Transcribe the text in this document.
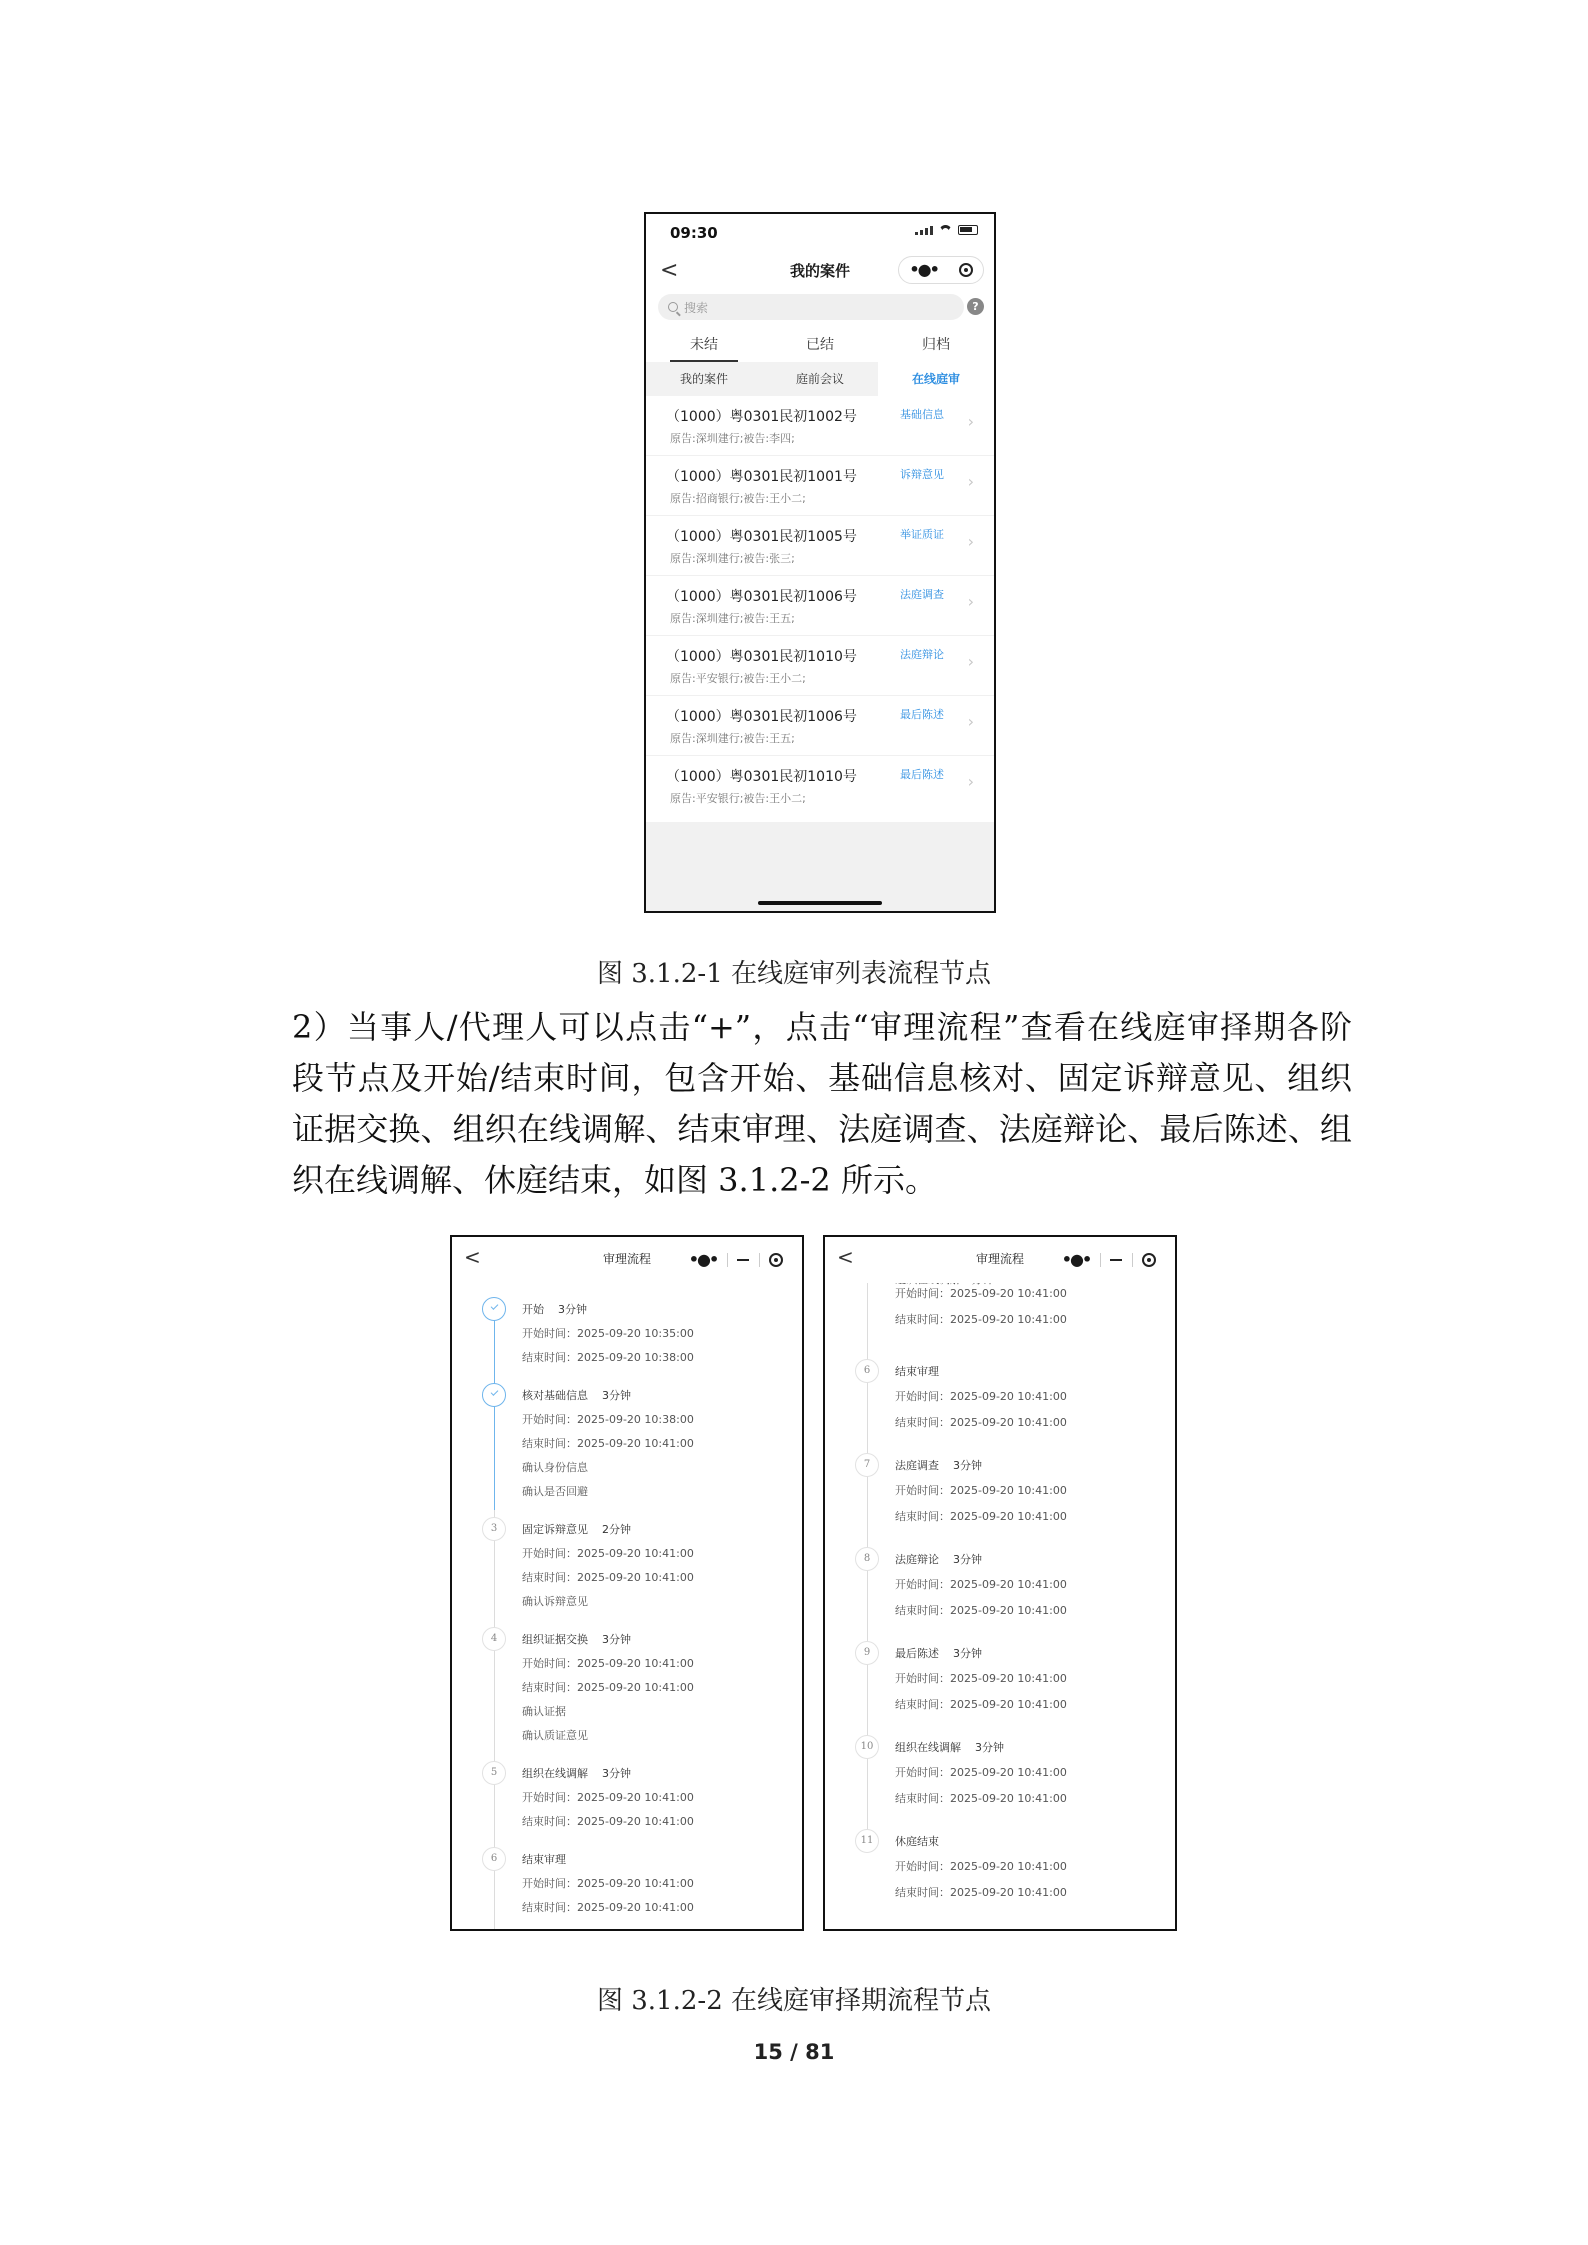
09:30
<	我的案件	•●•
搜索	?
未结	已结	归档
我的案件	庭前会议	在线庭审
（1000）粤0301民初1002号
原告:深圳建行;被告:李四;
基础信息 ›
（1000）粤0301民初1001号
原告:招商银行;被告:王小二;
诉辩意见 ›
（1000）粤0301民初1005号
原告:深圳建行;被告:张三;
举证质证 ›
（1000）粤0301民初1006号
原告:深圳建行;被告:王五;
法庭调查 ›
（1000）粤0301民初1010号
原告:平安银行;被告:王小二;
法庭辩论 ›
（1000）粤0301民初1006号
原告:深圳建行;被告:王五;
最后陈述 ›
（1000）粤0301民初1010号
原告:平安银行;被告:王小二;
最后陈述 ›
图 3.1.2-1 在线庭审列表流程节点
2）当事人/代理人可以点击“+”，点击“审理流程”查看在线庭审择期各阶
段节点及开始/结束时间，包含开始、基础信息核对、固定诉辩意见、组织
证据交换、组织在线调解、结束审理、法庭调查、法庭辩论、最后陈述、组
织在线调解、休庭结束，如图 3.1.2-2 所示。
<	审理流程	•●•
开始 3分钟
开始时间：2025-09-20 10:35:00
结束时间：2025-09-20 10:38:00
核对基础信息 3分钟
开始时间：2025-09-20 10:38:00
结束时间：2025-09-20 10:41:00
确认身份信息
确认是否回避
3	固定诉辩意见 2分钟
开始时间：2025-09-20 10:41:00
结束时间：2025-09-20 10:41:00
确认诉辩意见
4	组织证据交换 3分钟
开始时间：2025-09-20 10:41:00
结束时间：2025-09-20 10:41:00
确认证据
确认质证意见
5	组织在线调解 3分钟
开始时间：2025-09-20 10:41:00
结束时间：2025-09-20 10:41:00
6	结束审理
开始时间：2025-09-20 10:41:00
结束时间：2025-09-20 10:41:00
<	审理流程	•●•
开始时间：2025-09-20 10:41:00
结束时间：2025-09-20 10:41:00
6	结束审理
开始时间：2025-09-20 10:41:00
结束时间：2025-09-20 10:41:00
7	法庭调查 3分钟
开始时间：2025-09-20 10:41:00
结束时间：2025-09-20 10:41:00
8	法庭辩论 3分钟
开始时间：2025-09-20 10:41:00
结束时间：2025-09-20 10:41:00
9	最后陈述 3分钟
开始时间：2025-09-20 10:41:00
结束时间：2025-09-20 10:41:00
10	组织在线调解 3分钟
开始时间：2025-09-20 10:41:00
结束时间：2025-09-20 10:41:00
11	休庭结束
开始时间：2025-09-20 10:41:00
结束时间：2025-09-20 10:41:00
图 3.1.2-2 在线庭审择期流程节点
15 / 81
